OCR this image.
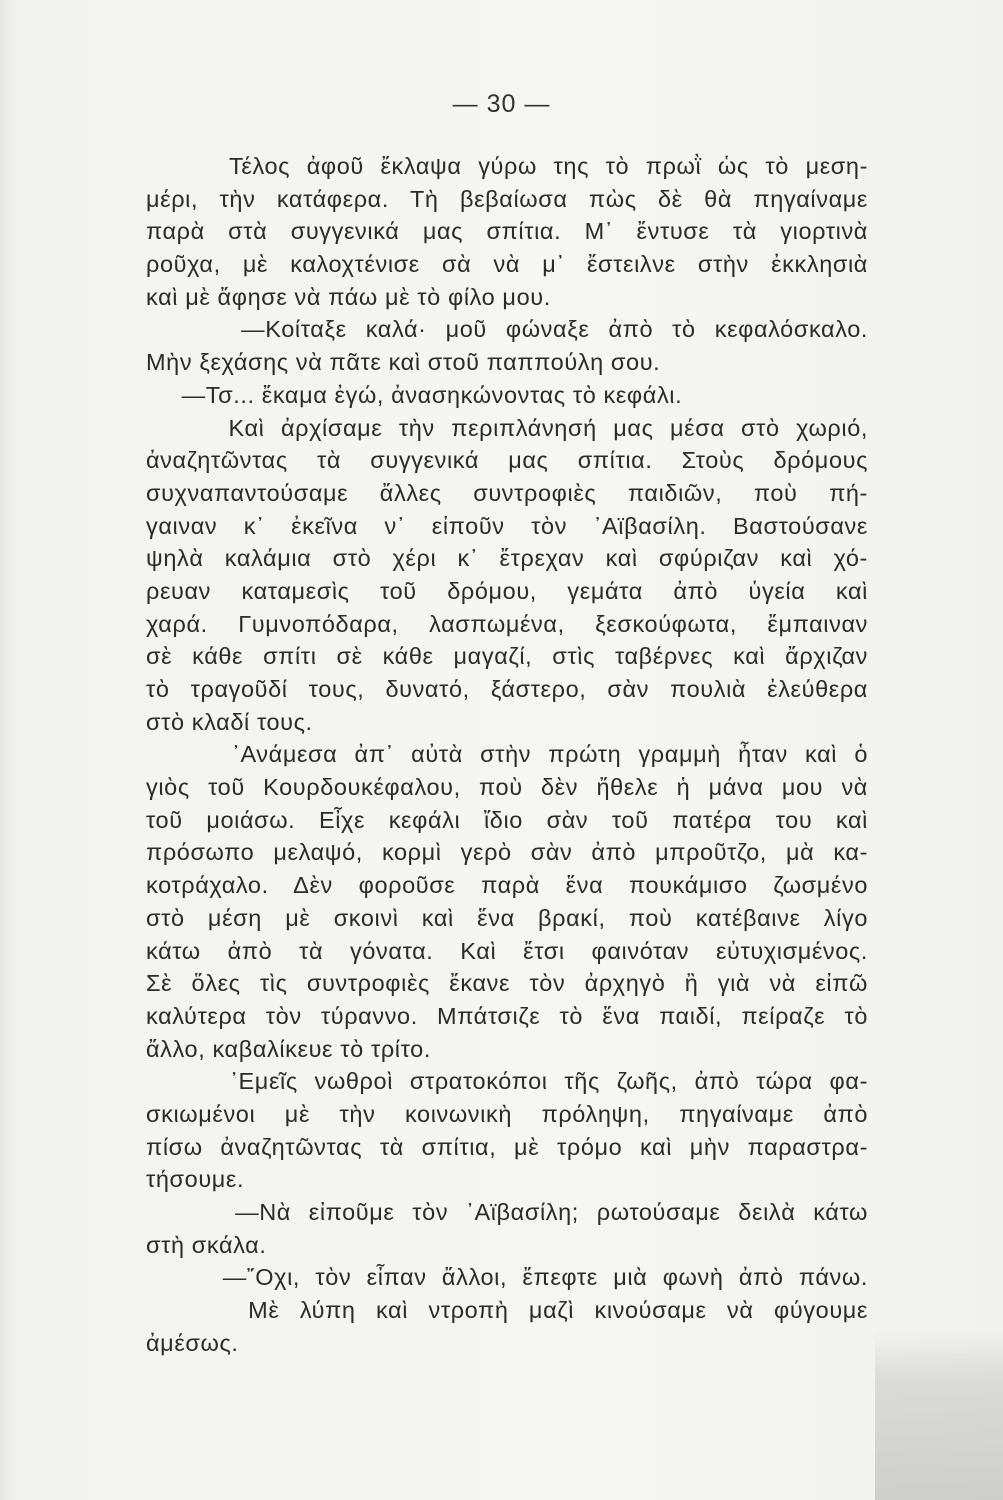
— 30 —
Τέλος ἀφοῦ ἔκλαψα γύρω της τὸ πρωῒ ὡς τὸ μεση-
μέρι, τὴν κατάφερα. Τὴ βεβαίωσα πὼς δὲ θὰ πηγαίναμε
παρὰ στὰ συγγενικά μας σπίτια. Μ᾽ ἔντυσε τὰ γιορτινὰ
ροῦχα, μὲ καλοχτένισε σὰ νὰ μ᾽ ἔστειλνε στὴν ἐκκλησιὰ
καὶ μὲ ἄφησε νὰ πάω μὲ τὸ φίλο μου.
—Κοίταξε καλά· μοῦ φώναξε ἀπὸ τὸ κεφαλόσκαλο.
Μὴν ξεχάσης νὰ πᾶτε καὶ στοῦ παππούλη σου.
—Τσ... ἔκαμα ἐγώ, ἀνασηκώνοντας τὸ κεφάλι.
Καὶ ἀρχίσαμε τὴν περιπλάνησή μας μέσα στὸ χωριό,
ἀναζητῶντας τὰ συγγενικά μας σπίτια. Στοὺς δρόμους
συχναπαντούσαμε ἄλλες συντροφιὲς παιδιῶν, ποὺ πή-
γαιναν κ᾽ ἐκεῖνα ν᾽ εἰποῦν τὸν ᾽Αϊβασίλη. Βαστούσανε
ψηλὰ καλάμια στὸ χέρι κ᾽ ἔτρεχαν καὶ σφύριζαν καὶ χό-
ρευαν καταμεσὶς τοῦ δρόμου, γεμάτα ἀπὸ ὑγεία καὶ
χαρά. Γυμνοπόδαρα, λασπωμένα, ξεσκούφωτα, ἔμπαιναν
σὲ κάθε σπίτι σὲ κάθε μαγαζί, στὶς ταβέρνες καὶ ἄρχιζαν
τὸ τραγοῦδί τους, δυνατό, ξάστερο, σὰν πουλιὰ ἐλεύθερα
στὸ κλαδί τους.
᾽Ανάμεσα ἀπ᾽ αὐτὰ στὴν πρώτη γραμμὴ ἦταν καὶ ὁ
γιὸς τοῦ Κουρδουκέφαλου, ποὺ δὲν ἤθελε ἡ μάνα μου νὰ
τοῦ μοιάσω. Εἶχε κεφάλι ἴδιο σὰν τοῦ πατέρα του καὶ
πρόσωπο μελαψό, κορμὶ γερὸ σὰν ἀπὸ μπροῦτζο, μὰ κα-
κοτράχαλο. Δὲν φοροῦσε παρὰ ἕνα πουκάμισο ζωσμένο
στὸ μέση μὲ σκοινὶ καὶ ἕνα βρακί, ποὺ κατέβαινε λίγο
κάτω ἀπὸ τὰ γόνατα. Καὶ ἔτσι φαινόταν εὐτυχισμένος.
Σὲ ὅλες τὶς συντροφιὲς ἔκανε τὸν ἀρχηγὸ ἢ γιὰ νὰ εἰπῶ
καλύτερα τὸν τύραννο. Μπάτσιζε τὸ ἕνα παιδί, πείραζε τὸ
ἄλλο, καβαλίκευε τὸ τρίτο.
᾽Εμεῖς νωθροὶ στρατοκόποι τῆς ζωῆς, ἀπὸ τώρα φα-
σκιωμένοι μὲ τὴν κοινωνικὴ πρόληψη, πηγαίναμε ἀπὸ
πίσω ἀναζητῶντας τὰ σπίτια, μὲ τρόμο καὶ μὴν παραστρα-
τήσουμε.
—Νὰ εἰποῦμε τὸν ᾽Αϊβασίλη; ρωτούσαμε δειλὰ κάτω
στὴ σκάλα.
—῎Οχι, τὸν εἶπαν ἄλλοι, ἔπεφτε μιὰ φωνὴ ἀπὸ πάνω.
Μὲ λύπη καὶ ντροπὴ μαζὶ κινούσαμε νὰ φύγουμε
ἀμέσως.
